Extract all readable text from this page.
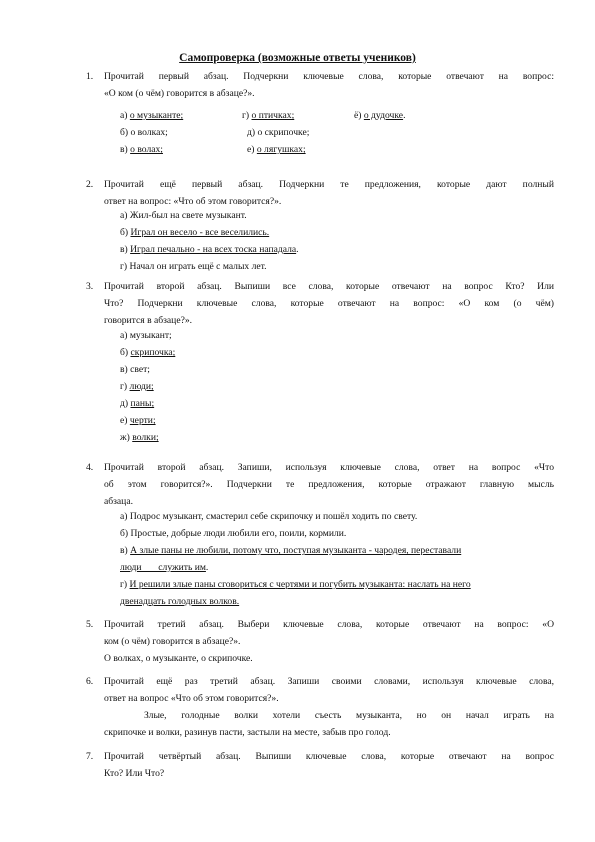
Самопроверка (возможные ответы учеников)
1. Прочитай первый абзац. Подчеркни ключевые слова, которые отвечают на вопрос:
«О ком (о чём) говорится в абзаце?».
а) о музыканте;	г) о птичках;	ё) о дудочке.
б) о волках;	д) о скрипочке;
в) о волах;	е) о лягушках;
2. Прочитай ещё первый абзац. Подчеркни те предложения, которые дают полный
ответ на вопрос: «Что об этом говорится?».
а) Жил-был на свете музыкант.
б) Играл он весело - все веселились.
в) Играл печально - на всех тоска нападала.
г) Начал он играть ещё с малых лет.
3. Прочитай второй абзац. Выпиши все слова, которые отвечают на вопрос Кто? Или
Что? Подчеркни ключевые слова, которые отвечают на вопрос: «О ком (о чём)
говорится в абзаце?».
а) музыкант;
б) скрипочка;
в) свет;
г) люди;
д) паны;
е) черти;
ж) волки;
4. Прочитай второй абзац. Запиши, используя ключевые слова, ответ на вопрос «Что
об этом говорится?». Подчеркни те предложения, которые отражают главную мысль
абзаца.
а) Подрос музыкант, смастерил себе скрипочку и пошёл ходить по свету.
б) Простые, добрые люди любили его, поили, кормили.
в) А злые паны не любили, потому что, поступая музыканта - чародея, переставали
люди       служить им.
г) И решили злые паны сговориться с чертями и погубить музыканта: наслать на него
двенадцать голодных волков.
5. Прочитай третий абзац. Выбери ключевые слова, которые отвечают на вопрос: «О
ком (о чём) говорится в абзаце?».
О волках, о музыканте, о скрипочке.
6. Прочитай ещё раз третий абзац. Запиши своими словами, используя ключевые слова,
ответ на вопрос «Что об этом говорится?».
Злые, голодные волки хотели съесть музыканта, но он начал играть на
скрипочке и волки, разинув пасти, застыли на месте, забыв про голод.
7. Прочитай четвёртый абзац. Выпиши ключевые слова, которые отвечают на вопрос
Кто? Или Что?
